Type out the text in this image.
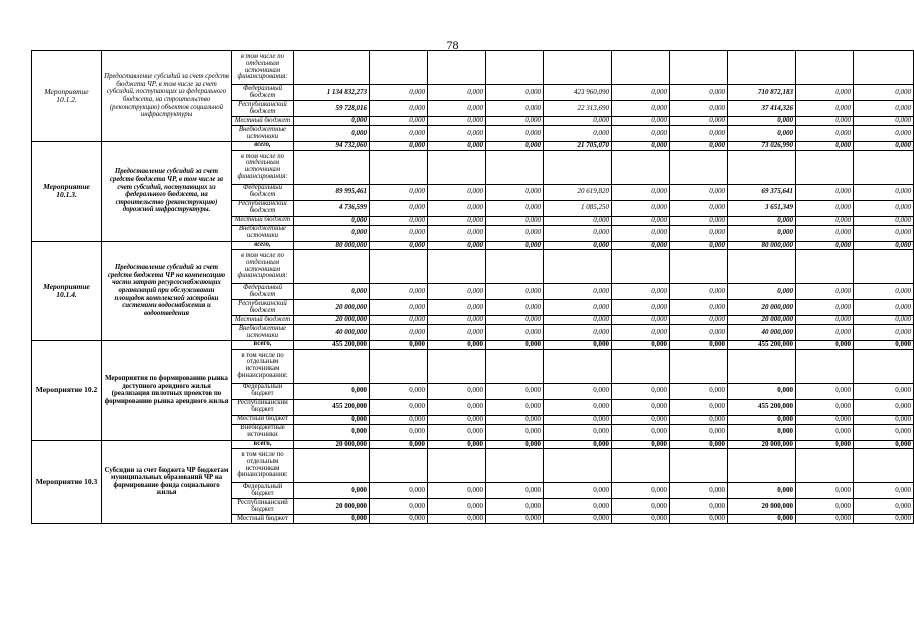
78
Мероприятие 10.1.2.	Предоставление субсидий за счет средств бюджета ЧР, в том числе за счет субсидий, поступающих из федерального бюджета, на строительство (реконструкцию) объектов социальной инфраструктуры	в том числе по отдельным источникам финансирования:										
		Федеральный бюджет	1 134 832,273	0,000	0,000	0,000	423 960,090	0,000	0,000	710 872,183	0,000	0,000
		Республиканский бюджет	59 728,016	0,000	0,000	0,000	22 313,690	0,000	0,000	37 414,326	0,000	0,000
		Местный бюджет	0,000	0,000	0,000	0,000	0,000	0,000	0,000	0,000	0,000	0,000
		Внебюджетные источники	0,000	0,000	0,000	0,000	0,000	0,000	0,000	0,000	0,000	0,000
Мероприятие 10.1.3.	Предоставление субсидий за счет средств бюджета ЧР, в том числе за счет субсидий, поступающих из федерального бюджета, на строительство (реконструкцию) дорожной инфраструктуры.	всего,	94 732,060	0,000	0,000	0,000	21 705,070	0,000	0,000	73 026,990	0,000	0,000
		в том числе по отдельным источникам финансирования:										
		Федеральный бюджет	89 995,461	0,000	0,000	0,000	20 619,820	0,000	0,000	69 375,641	0,000	0,000
		Республиканский бюджет	4 736,599	0,000	0,000	0,000	1 085,250	0,000	0,000	3 651,349	0,000	0,000
		Местный бюджет	0,000	0,000	0,000	0,000	0,000	0,000	0,000	0,000	0,000	0,000
		Внебюджетные источники	0,000	0,000	0,000	0,000	0,000	0,000	0,000	0,000	0,000	0,000
Мероприятие 10.1.4.	Предоставление субсидий за счет средств бюджета ЧР на компенсацию части затрат ресурсоснабжающих организаций при обслуживании площадок комплексной застройки системами водоснабжения и водоотведения	всего,	80 000,000	0,000	0,000	0,000	0,000	0,000	0,000	80 000,000	0,000	0,000
		в том числе по отдельным источникам финансирования:										
		Федеральный бюджет	0,000	0,000	0,000	0,000	0,000	0,000	0,000	0,000	0,000	0,000
		Республиканский бюджет	20 000,000	0,000	0,000	0,000	0,000	0,000	0,000	20 000,000	0,000	0,000
		Местный бюджет	20 000,000	0,000	0,000	0,000	0,000	0,000	0,000	20 000,000	0,000	0,000
		Внебюджетные источники	40 000,000	0,000	0,000	0,000	0,000	0,000	0,000	40 000,000	0,000	0,000
Мероприятие 10.2	Мероприятия по формированию рынка доступного арендного жилья (реализация пилотных проектов по формированию рынка арендного жилья	всего,	455 200,000	0,000	0,000	0,000	0,000	0,000	0,000	455 200,000	0,000	0,000
		в том числе по отдельным источникам финансирования:										
		Федеральный бюджет	0,000	0,000	0,000	0,000	0,000	0,000	0,000	0,000	0,000	0,000
		Республиканский бюджет	455 200,000	0,000	0,000	0,000	0,000	0,000	0,000	455 200,000	0,000	0,000
		Местный бюджет	0,000	0,000	0,000	0,000	0,000	0,000	0,000	0,000	0,000	0,000
		Внебюджетные источники	0,000	0,000	0,000	0,000	0,000	0,000	0,000	0,000	0,000	0,000
Мероприятие 10.3	Субсидии за счет бюджета ЧР бюджетам муниципальных образований ЧР на формирование фонда социального жилья	всего,	20 000,000	0,000	0,000	0,000	0,000	0,000	0,000	20 000,000	0,000	0,000
		в том числе по отдельным источникам финансирования:										
		Федеральный бюджет	0,000	0,000	0,000	0,000	0,000	0,000	0,000	0,000	0,000	0,000
		Республиканский бюджет	20 000,000	0,000	0,000	0,000	0,000	0,000	0,000	20 000,000	0,000	0,000
		Местный бюджет	0,000	0,000	0,000	0,000	0,000	0,000	0,000	0,000	0,000	0,000
